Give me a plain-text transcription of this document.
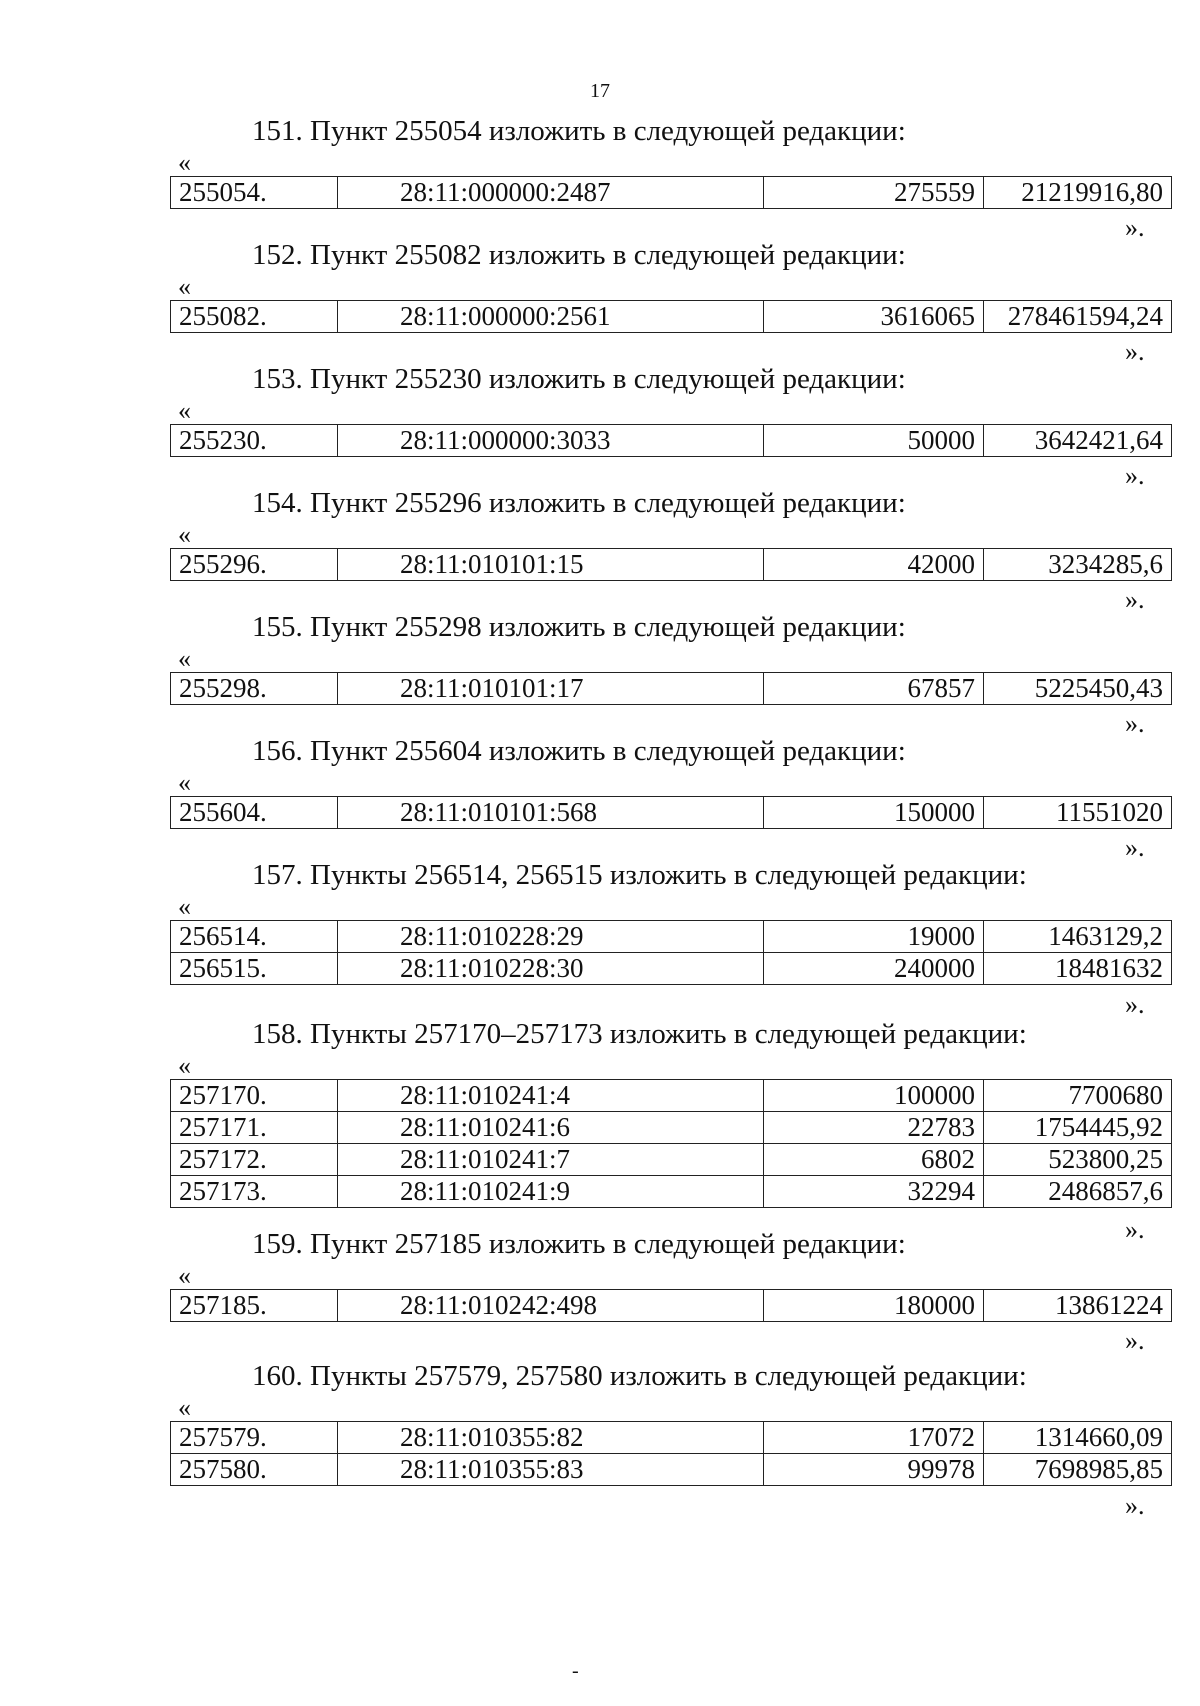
17
151. Пункт 255054 изложить в следующей редакции:
«
255054.	28:11:000000:2487	275559	21219916,80
».
152. Пункт 255082 изложить в следующей редакции:
«
255082.	28:11:000000:2561	3616065	278461594,24
».
153. Пункт 255230 изложить в следующей редакции:
«
255230.	28:11:000000:3033	50000	3642421,64
».
154. Пункт 255296 изложить в следующей редакции:
«
255296.	28:11:010101:15	42000	3234285,6
».
155. Пункт 255298 изложить в следующей редакции:
«
255298.	28:11:010101:17	67857	5225450,43
».
156. Пункт 255604 изложить в следующей редакции:
«
255604.	28:11:010101:568	150000	11551020
».
157. Пункты 256514, 256515 изложить в следующей редакции:
«
256514.	28:11:010228:29	19000	1463129,2
256515.	28:11:010228:30	240000	18481632
».
158. Пункты 257170–257173 изложить в следующей редакции:
«
257170.	28:11:010241:4	100000	7700680
257171.	28:11:010241:6	22783	1754445,92
257172.	28:11:010241:7	6802	523800,25
257173.	28:11:010241:9	32294	2486857,6
».
159. Пункт 257185 изложить в следующей редакции:
«
257185.	28:11:010242:498	180000	13861224
».
160. Пункты 257579, 257580 изложить в следующей редакции:
«
257579.	28:11:010355:82	17072	1314660,09
257580.	28:11:010355:83	99978	7698985,85
».
-
